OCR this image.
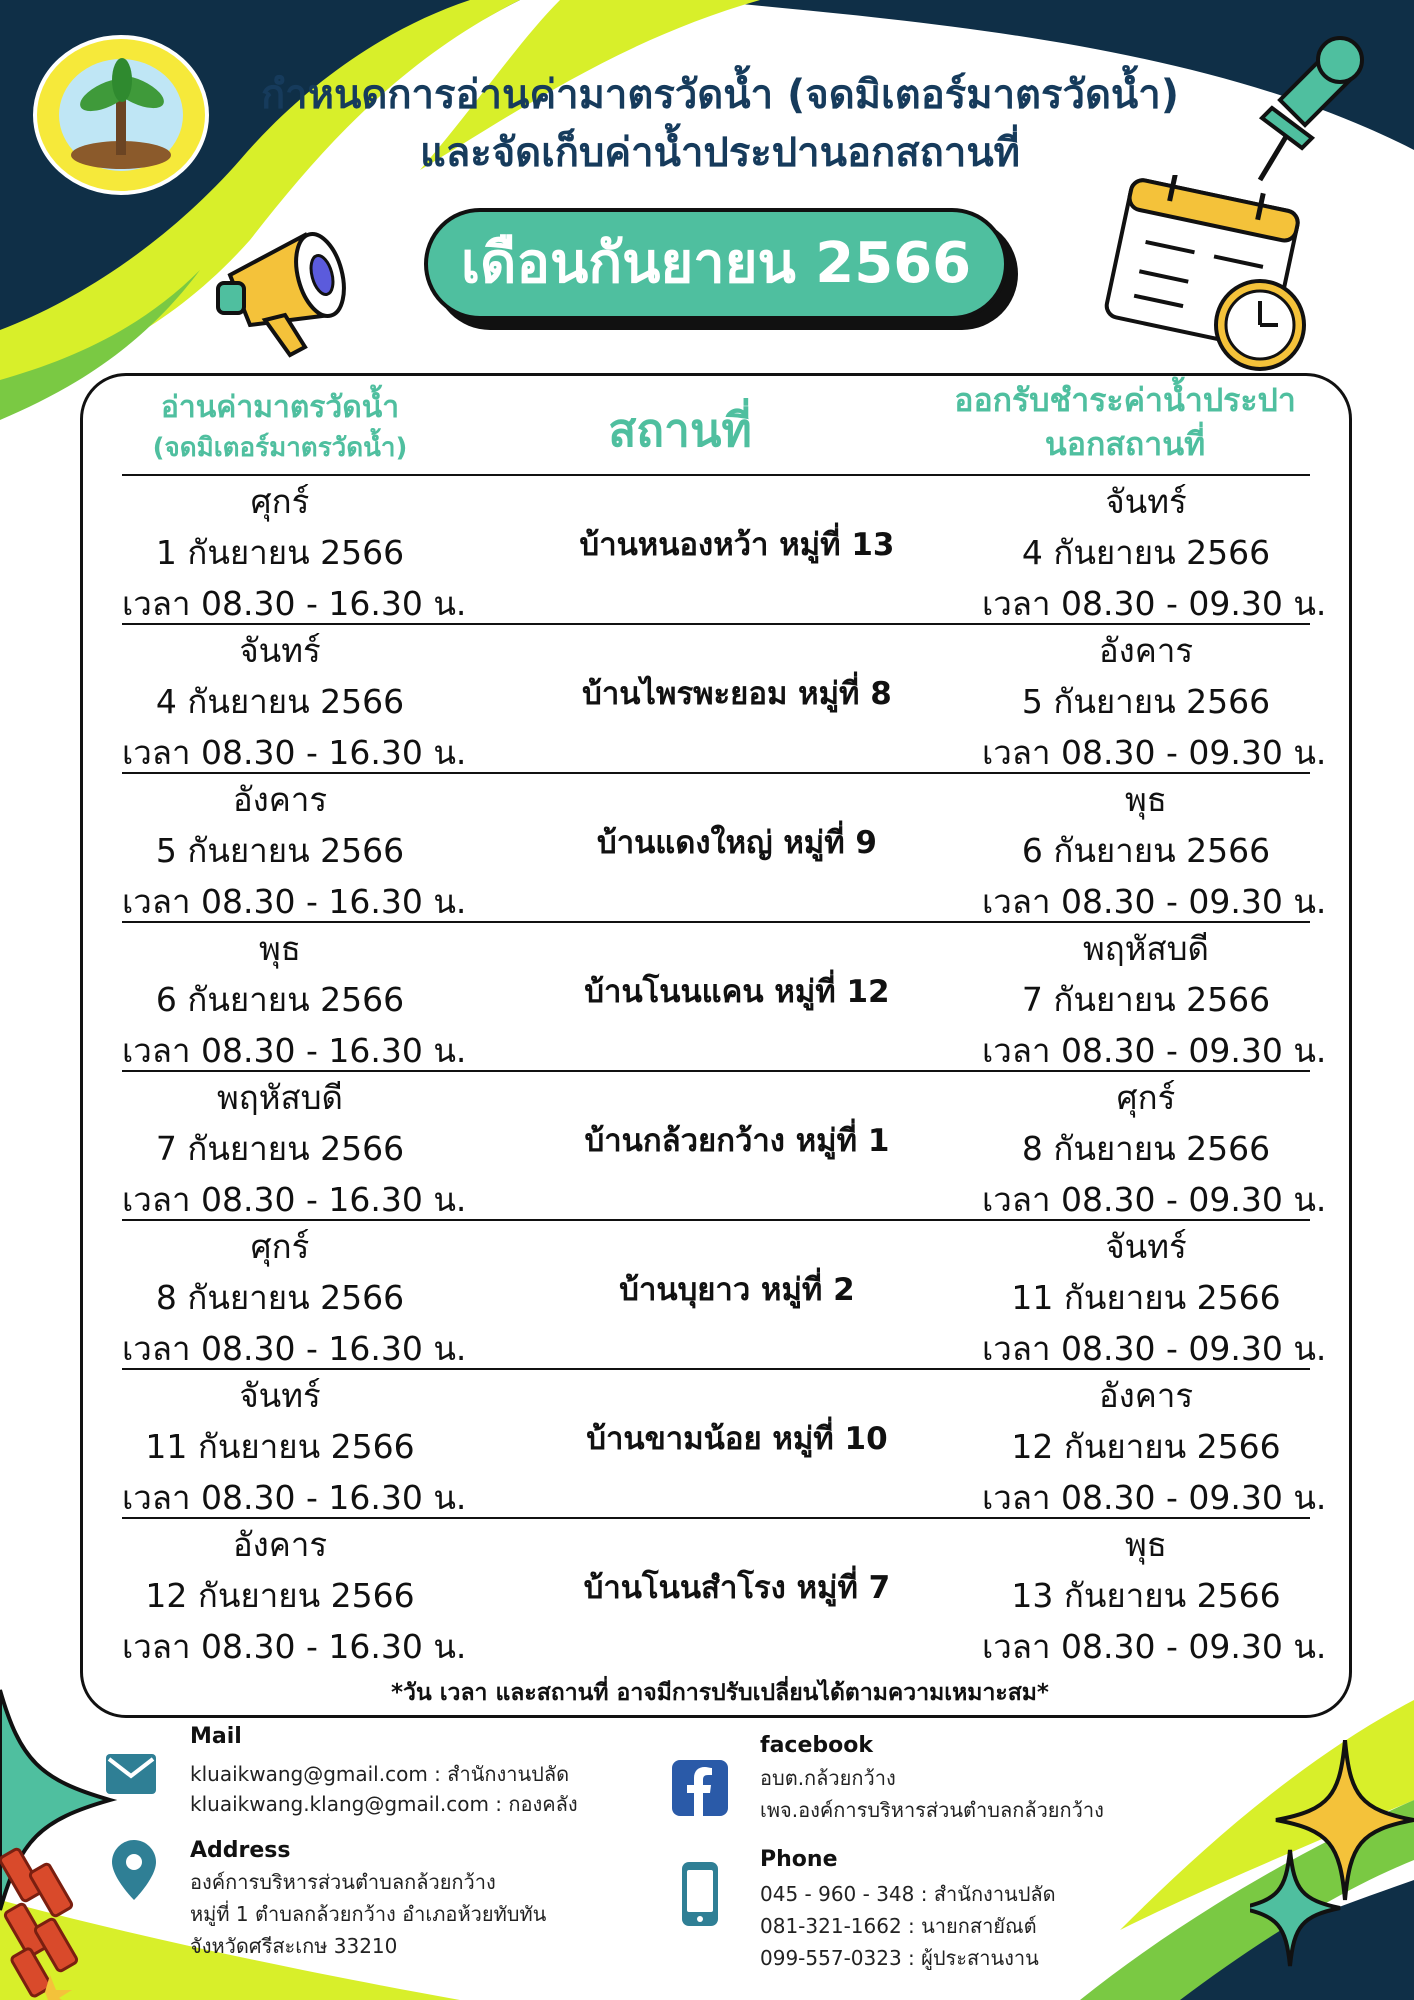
กำหนดการอ่านค่ามาตรวัดน้ำ (จดมิเตอร์มาตรวัดน้ำ)
และจัดเก็บค่าน้ำประปานอกสถานที่
เดือนกันยายน 2566
อ่านค่ามาตรวัดน้ำ
(จดมิเตอร์มาตรวัดน้ำ)	สถานที่
ออกรับชำระค่าน้ำประปา
นอกสถานที่
ศุกร์
1 กันยายน 2566
เวลา 08.30 - 16.30 น.
บ้านหนองหว้า หมู่ที่ 13
จันทร์
4 กันยายน 2566
เวลา 08.30 - 09.30 น.
จันทร์
4 กันยายน 2566
เวลา 08.30 - 16.30 น.
บ้านไพรพะยอม หมู่ที่ 8
อังคาร
5 กันยายน 2566
เวลา 08.30 - 09.30 น.
อังคาร
5 กันยายน 2566
เวลา 08.30 - 16.30 น.
บ้านแดงใหญ่ หมู่ที่ 9
พุธ
6 กันยายน 2566
เวลา 08.30 - 09.30 น.
พุธ
6 กันยายน 2566
เวลา 08.30 - 16.30 น.
บ้านโนนแคน หมู่ที่ 12
พฤหัสบดี
7 กันยายน 2566
เวลา 08.30 - 09.30 น.
พฤหัสบดี
7 กันยายน 2566
เวลา 08.30 - 16.30 น.
บ้านกล้วยกว้าง หมู่ที่ 1
ศุกร์
8 กันยายน 2566
เวลา 08.30 - 09.30 น.
ศุกร์
8 กันยายน 2566
เวลา 08.30 - 16.30 น.
บ้านบุยาว หมู่ที่ 2
จันทร์
11 กันยายน 2566
เวลา 08.30 - 09.30 น.
จันทร์
11 กันยายน 2566
เวลา 08.30 - 16.30 น.
บ้านขามน้อย หมู่ที่ 10
อังคาร
12 กันยายน 2566
เวลา 08.30 - 09.30 น.
อังคาร
12 กันยายน 2566
เวลา 08.30 - 16.30 น.
บ้านโนนสำโรง หมู่ที่ 7
พุธ
13 กันยายน 2566
เวลา 08.30 - 09.30 น.
*วัน เวลา และสถานที่ อาจมีการปรับเปลี่ยนได้ตามความเหมาะสม*
Mail
kluaikwang@gmail.com : สำนักงานปลัด
kluaikwang.klang@gmail.com : กองคลัง
Address
องค์การบริหารส่วนตำบลกล้วยกว้าง
หมู่ที่ 1 ตำบลกล้วยกว้าง อำเภอห้วยทับทัน
จังหวัดศรีสะเกษ 33210
facebook
อบต.กล้วยกว้าง
เพจ.องค์การบริหารส่วนตำบลกล้วยกว้าง
Phone
045 - 960 - 348 : สำนักงานปลัด
081-321-1662 : นายกสายัณต์
099-557-0323 : ผู้ประสานงาน
